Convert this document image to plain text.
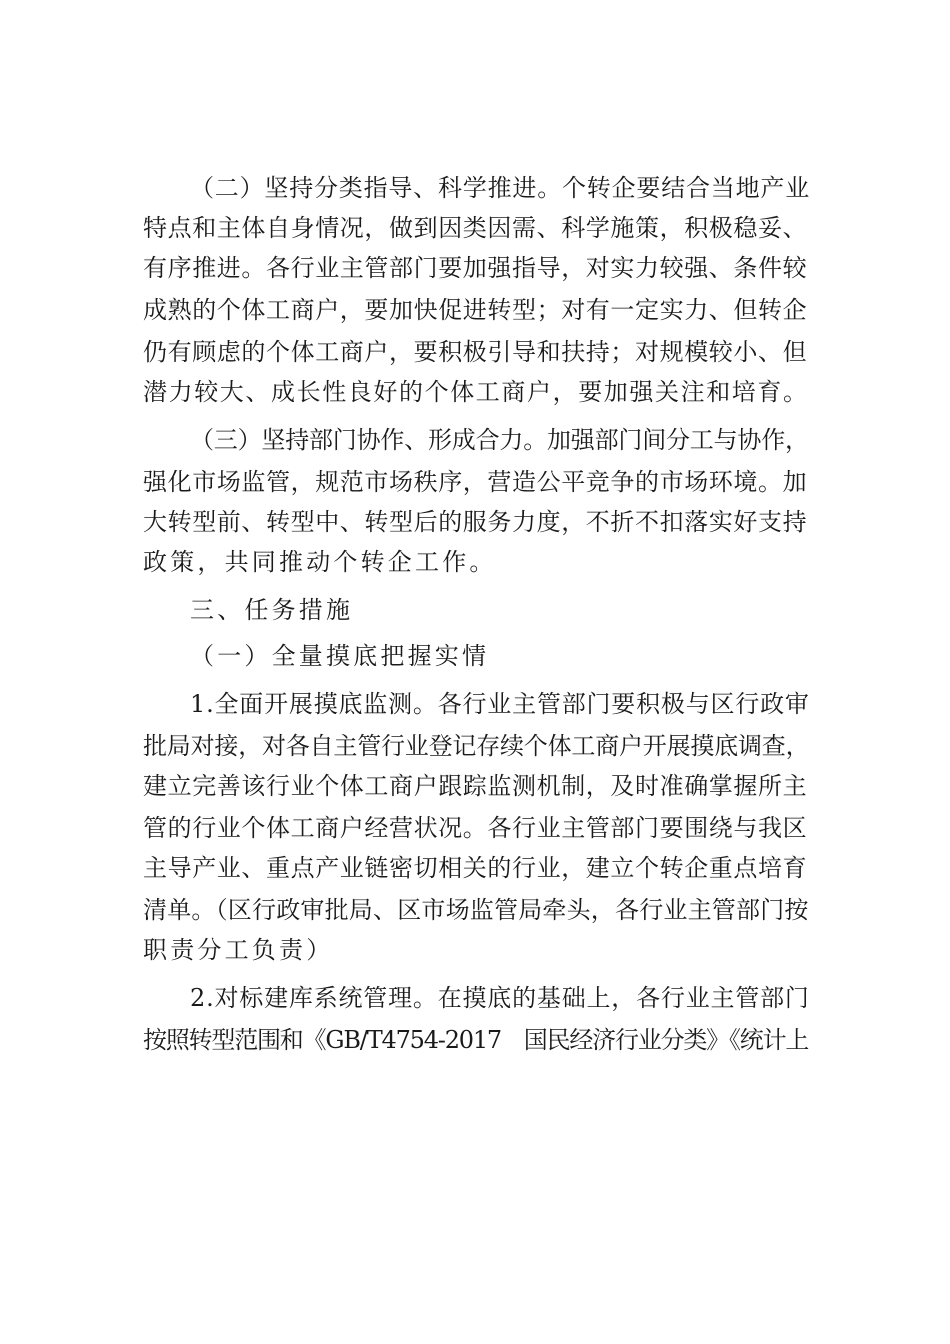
（二）坚持分类指导、科学推进。个转企要结合当地产业
特点和主体自身情况，做到因类因需、科学施策，积极稳妥、
有序推进。各行业主管部门要加强指导，对实力较强、条件较
成熟的个体工商户，要加快促进转型；对有一定实力、但转企
仍有顾虑的个体工商户，要积极引导和扶持；对规模较小、但
潜力较大、成长性良好的个体工商户，要加强关注和培育。
（三）坚持部门协作、形成合力。加强部门间分工与协作，
强化市场监管，规范市场秩序，营造公平竞争的市场环境。加
大转型前、转型中、转型后的服务力度，不折不扣落实好支持
政策，共同推动个转企工作。
三、任务措施
（一）全量摸底把握实情
1.全面开展摸底监测。各行业主管部门要积极与区行政审
批局对接，对各自主管行业登记存续个体工商户开展摸底调查，
建立完善该行业个体工商户跟踪监测机制，及时准确掌握所主
管的行业个体工商户经营状况。各行业主管部门要围绕与我区
主导产业、重点产业链密切相关的行业，建立个转企重点培育
清单。（区行政审批局、区市场监管局牵头，各行业主管部门按
职责分工负责）
2.对标建库系统管理。在摸底的基础上，各行业主管部门
按照转型范围和《GB/T4754-2017　国民经济行业分类》《统计上
